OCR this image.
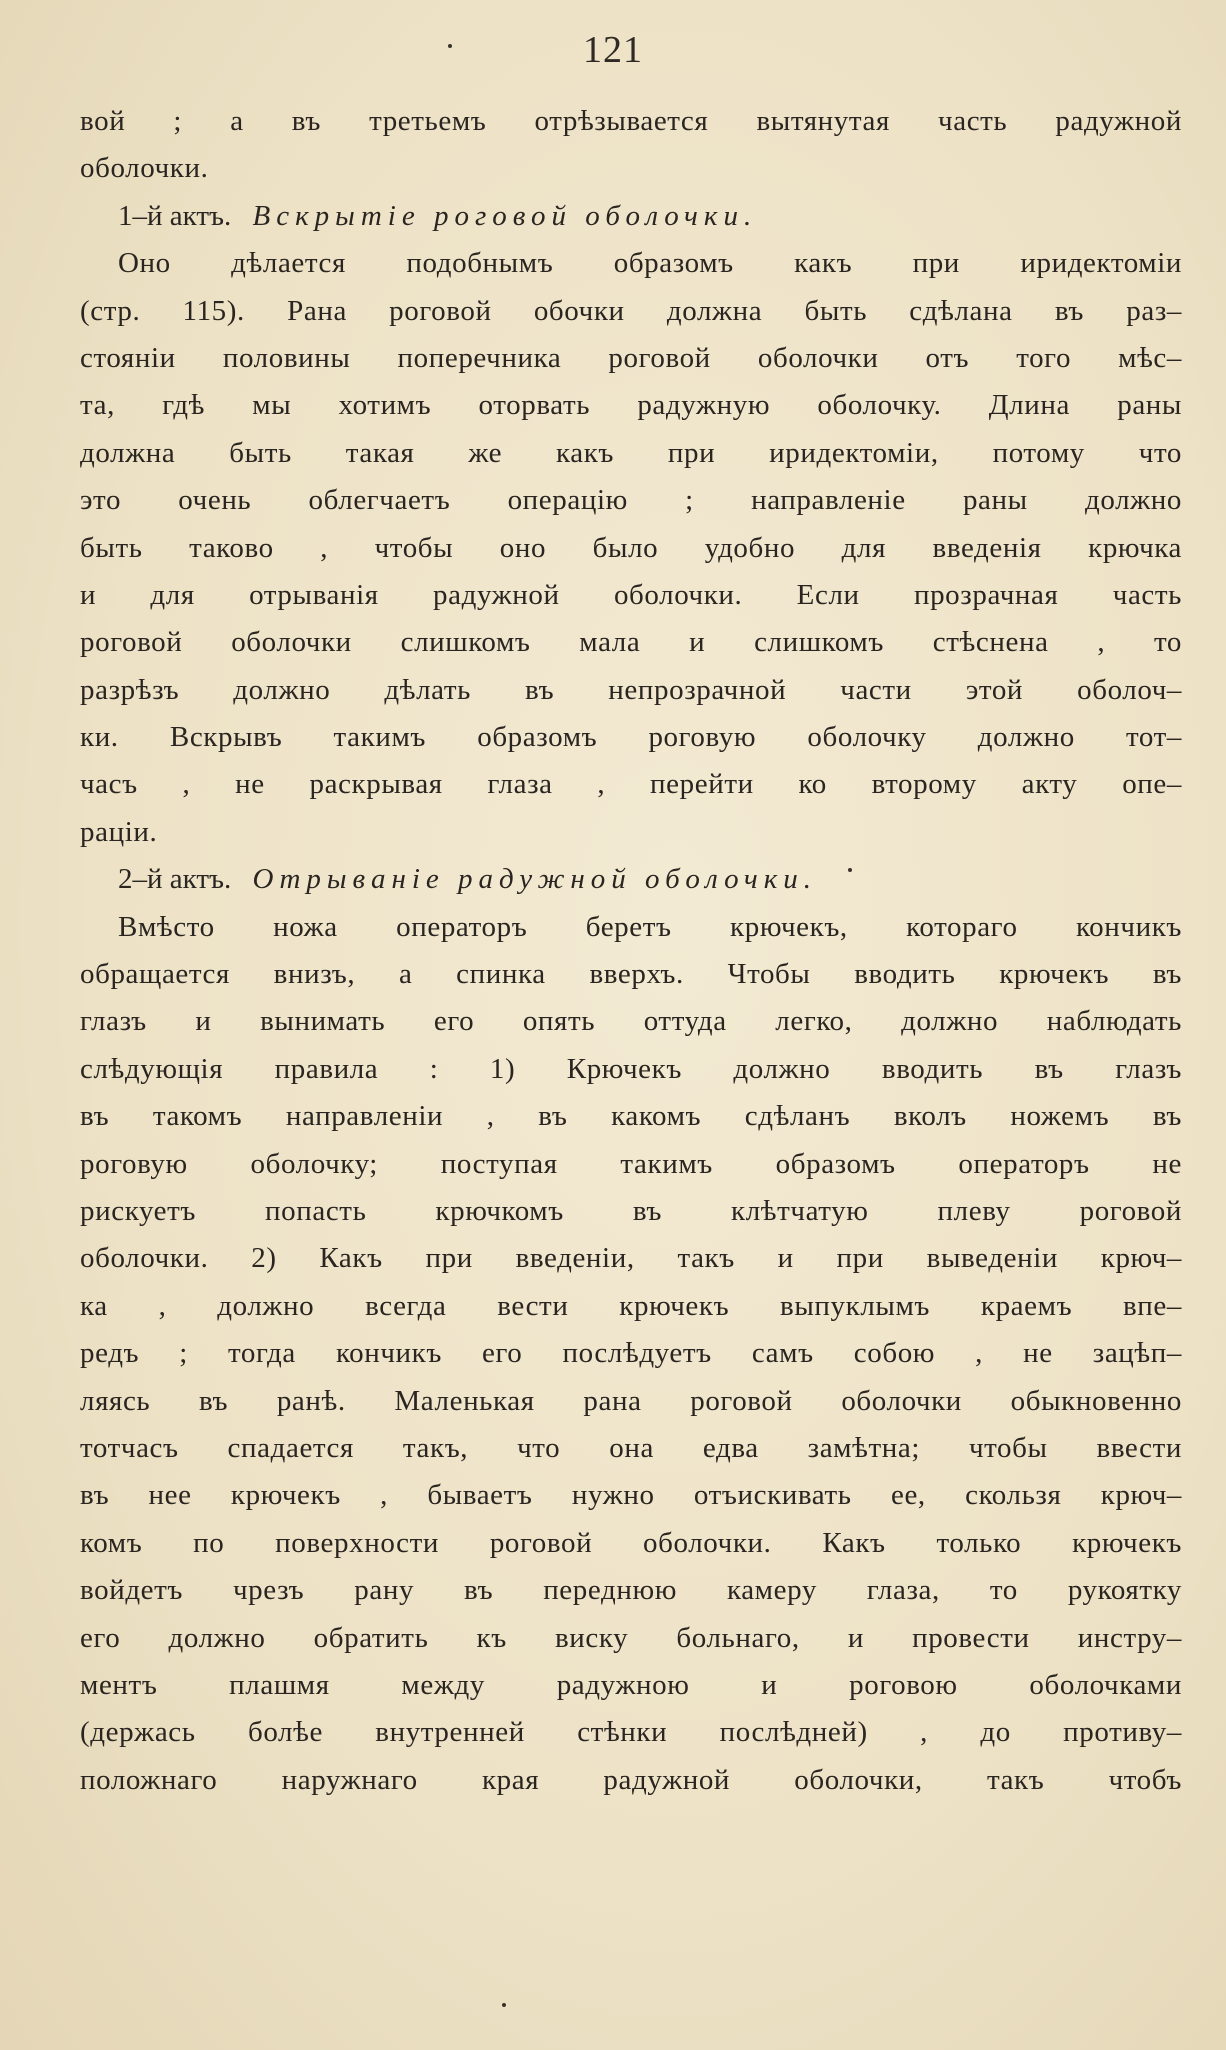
121
вой ; а въ третьемъ отрѣзывается вытянутая часть радужной
оболочки.
1–й актъ. Вскрытіе роговой оболочки.
Оно дѣлается подобнымъ образомъ какъ при иридектоміи
(стр. 115). Рана роговой обочки должна быть сдѣлана въ раз–
стояніи половины поперечника роговой оболочки отъ того мѣс–
та, гдѣ мы хотимъ оторвать радужную оболочку. Длина раны
должна быть такая же какъ при иридектоміи, потому что
это очень облегчаетъ операцію ; направленіе раны должно
быть таково , чтобы оно было удобно для введенія крючка
и для отрыванія радужной оболочки. Если прозрачная часть
роговой оболочки слишкомъ мала и слишкомъ стѣснена , то
разрѣзъ должно дѣлать въ непрозрачной части этой оболоч–
ки. Вскрывъ такимъ образомъ роговую оболочку должно тот–
часъ , не раскрывая глаза , перейти ко второму акту опе–
раціи.
2–й актъ. Отрываніе радужной оболочки.
Вмѣсто ножа операторъ беретъ крючекъ, котораго кончикъ
обращается внизъ, а спинка вверхъ. Чтобы вводить крючекъ въ
глазъ и вынимать его опять оттуда легко, должно наблюдать
слѣдующія правила : 1) Крючекъ должно вводить въ глазъ
въ такомъ направленіи , въ какомъ сдѣланъ вколъ ножемъ въ
роговую оболочку; поступая такимъ образомъ операторъ не
рискуетъ попасть крючкомъ въ клѣтчатую плеву роговой
оболочки. 2) Какъ при введеніи, такъ и при выведеніи крюч–
ка , должно всегда вести крючекъ выпуклымъ краемъ впе–
редъ ; тогда кончикъ его послѣдуетъ самъ собою , не зацѣп–
ляясь въ ранѣ. Маленькая рана роговой оболочки обыкновенно
тотчасъ спадается такъ, что она едва замѣтна; чтобы ввести
въ нее крючекъ , бываетъ нужно отъискивать ее, скользя крюч–
комъ по поверхности роговой оболочки. Какъ только крючекъ
войдетъ чрезъ рану въ переднюю камеру глаза, то рукоятку
его должно обратить къ виску больнаго, и провести инстру–
ментъ плашмя между радужною и роговою оболочками
(держась болѣе внутренней стѣнки послѣдней) , до противу–
положнаго наружнаго края радужной оболочки, такъ чтобъ
